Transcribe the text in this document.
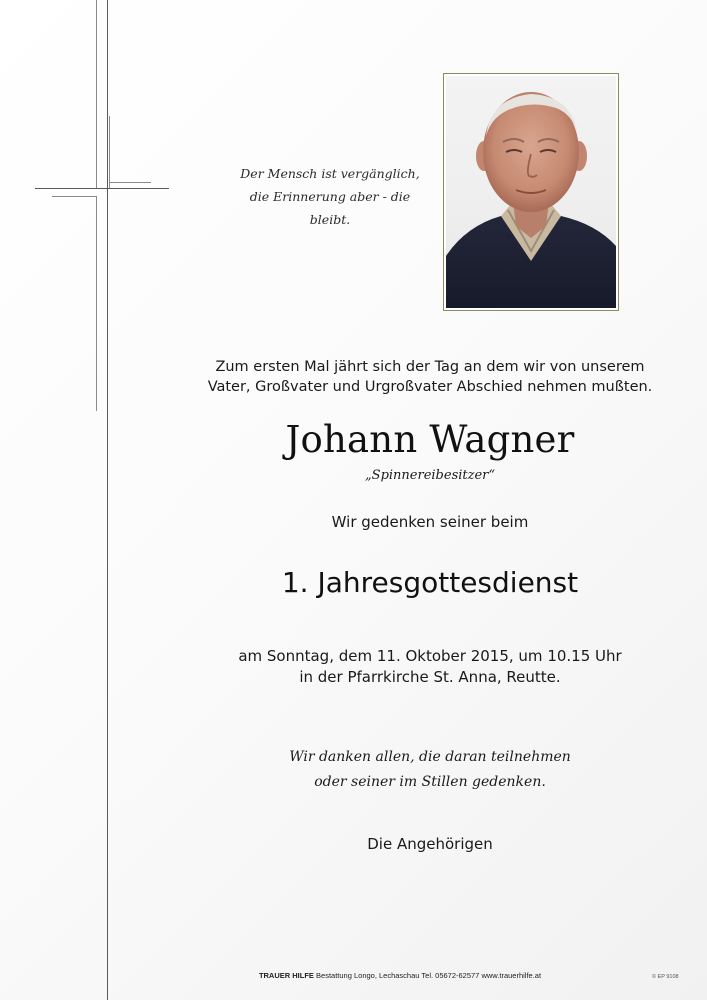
Der Mensch ist vergänglich,
die Erinnerung aber - die bleibt.
Zum ersten Mal jährt sich der Tag an dem wir von unserem
Vater, Großvater und Urgroßvater Abschied nehmen mußten.
Johann Wagner
„Spinnereibesitzer“
Wir gedenken seiner beim
1. Jahresgottesdienst
am Sonntag, dem 11. Oktober 2015, um 10.15 Uhr
in der Pfarrkirche St. Anna, Reutte.
Wir danken allen, die daran teilnehmen
oder seiner im Stillen gedenken.
Die Angehörigen
TRAUER HILFE Bestattung Longo, Lechaschau Tel. 05672-62577 www.trauerhilfe.at	© EP 9108
